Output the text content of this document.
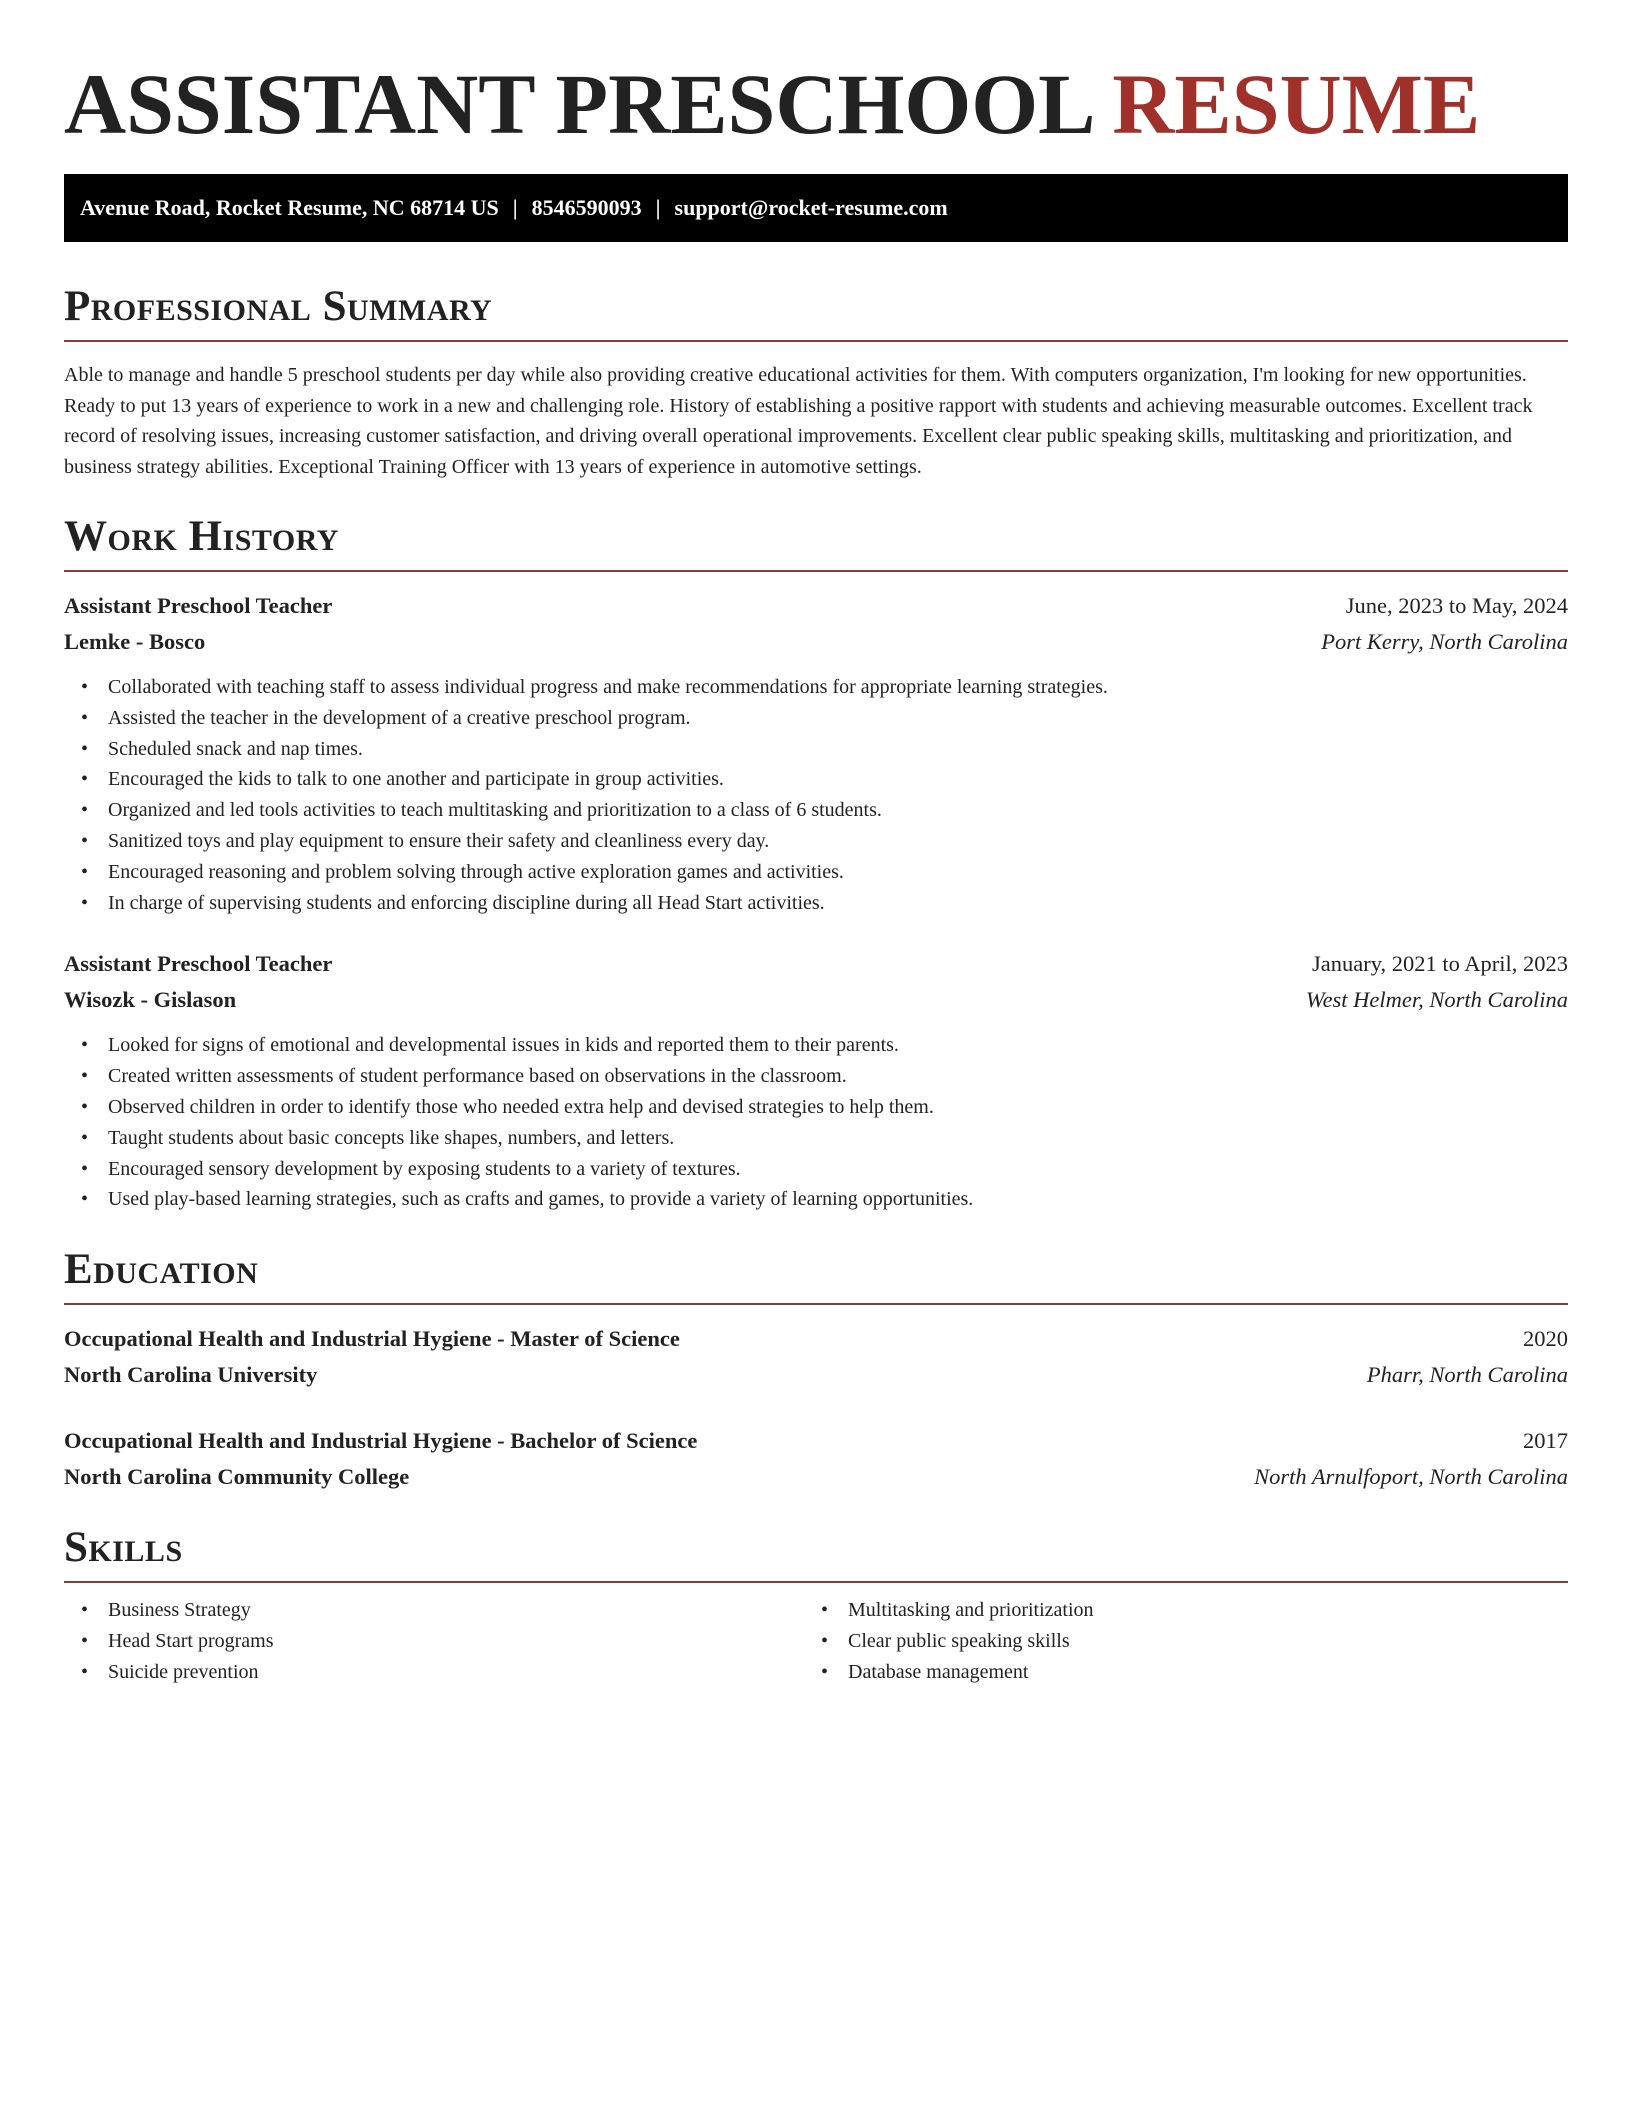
ASSISTANT PRESCHOOL RESUME
Avenue Road, Rocket Resume, NC 68714 US | 8546590093 | support@rocket-resume.com
Professional Summary
Able to manage and handle 5 preschool students per day while also providing creative educational activities for them. With computers organization, I'm looking for new opportunities. Ready to put 13 years of experience to work in a new and challenging role. History of establishing a positive rapport with students and achieving measurable outcomes. Excellent track record of resolving issues, increasing customer satisfaction, and driving overall operational improvements. Excellent clear public speaking skills, multitasking and prioritization, and business strategy abilities. Exceptional Training Officer with 13 years of experience in automotive settings.
Work History
Assistant Preschool Teacher	June, 2023 to May, 2024
Lemke - Bosco	Port Kerry, North Carolina
• Collaborated with teaching staff to assess individual progress and make recommendations for appropriate learning strategies.
• Assisted the teacher in the development of a creative preschool program.
• Scheduled snack and nap times.
• Encouraged the kids to talk to one another and participate in group activities.
• Organized and led tools activities to teach multitasking and prioritization to a class of 6 students.
• Sanitized toys and play equipment to ensure their safety and cleanliness every day.
• Encouraged reasoning and problem solving through active exploration games and activities.
• In charge of supervising students and enforcing discipline during all Head Start activities.
Assistant Preschool Teacher	January, 2021 to April, 2023
Wisozk - Gislason	West Helmer, North Carolina
• Looked for signs of emotional and developmental issues in kids and reported them to their parents.
• Created written assessments of student performance based on observations in the classroom.
• Observed children in order to identify those who needed extra help and devised strategies to help them.
• Taught students about basic concepts like shapes, numbers, and letters.
• Encouraged sensory development by exposing students to a variety of textures.
• Used play-based learning strategies, such as crafts and games, to provide a variety of learning opportunities.
Education
Occupational Health and Industrial Hygiene - Master of Science	2020
North Carolina University	Pharr, North Carolina
Occupational Health and Industrial Hygiene - Bachelor of Science	2017
North Carolina Community College	North Arnulfoport, North Carolina
Skills
• Business Strategy
• Head Start programs
• Suicide prevention
• Multitasking and prioritization
• Clear public speaking skills
• Database management
